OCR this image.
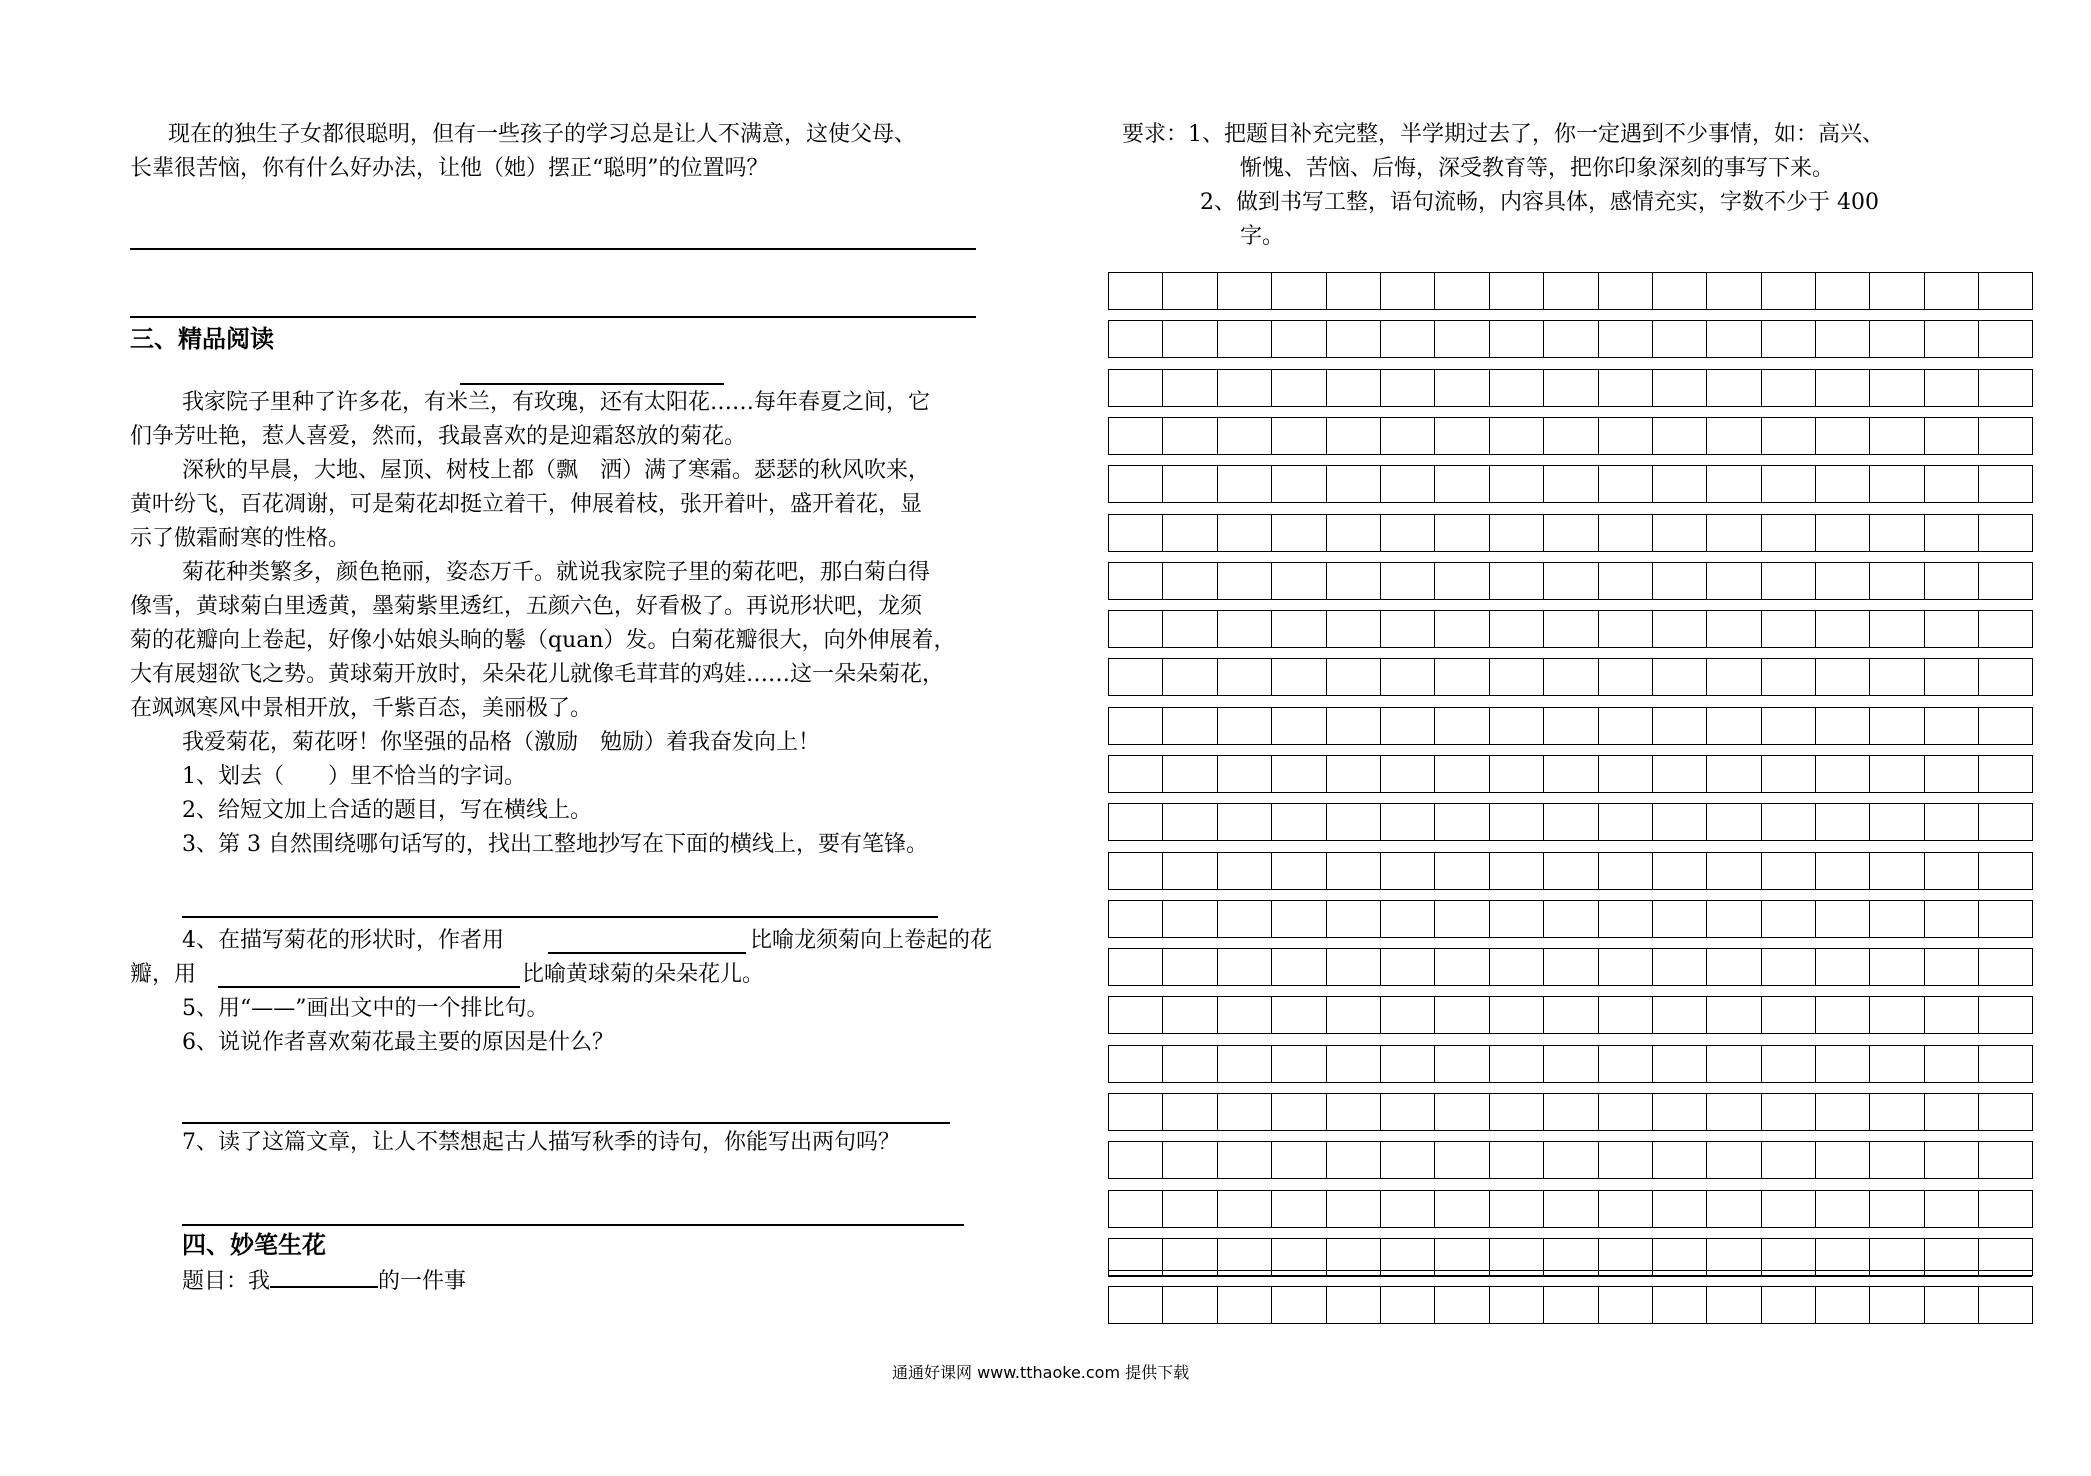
现在的独生子女都很聪明，但有一些孩子的学习总是让人不满意，这使父母、

长辈很苦恼，你有什么好办法，让他（她）摆正“聪明”的位置吗？

三、精品阅读

我家院子里种了许多花，有米兰，有玫瑰，还有太阳花……每年春夏之间，它

们争芳吐艳，惹人喜爱，然而，我最喜欢的是迎霜怒放的菊花。

深秋的早晨，大地、屋顶、树枝上都（飘　洒）满了寒霜。瑟瑟的秋风吹来，

黄叶纷飞，百花凋谢，可是菊花却挺立着干，伸展着枝，张开着叶，盛开着花，显

示了傲霜耐寒的性格。

菊花种类繁多，颜色艳丽，姿态万千。就说我家院子里的菊花吧，那白菊白得

像雪，黄球菊白里透黄，墨菊紫里透红，五颜六色，好看极了。再说形状吧，龙须

菊的花瓣向上卷起，好像小姑娘头晌的鬈（quan）发。白菊花瓣很大，向外伸展着，

大有展翅欲飞之势。黄球菊开放时，朵朵花儿就像毛茸茸的鸡娃……这一朵朵菊花，

在飒飒寒风中景相开放，千紫百态，美丽极了。

我爱菊花，菊花呀！你坚强的品格（激励　勉励）着我奋发向上！

1、划去（　　）里不恰当的字词。

2、给短文加上合适的题目，写在横线上。

3、第 3 自然围绕哪句话写的，找出工整地抄写在下面的横线上，要有笔锋。

4、在描写菊花的形状时，作者用	比喻龙须菊向上卷起的花

瓣，用	比喻黄球菊的朵朵花儿。

5、用“——”画出文中的一个排比句。

6、说说作者喜欢菊花最主要的原因是什么？

7、读了这篇文章，让人不禁想起古人描写秋季的诗句，你能写出两句吗？

四、妙笔生花

题目：我	的一件事

要求：1、把题目补充完整，半学期过去了，你一定遇到不少事情，如：高兴、

惭愧、苦恼、后悔，深受教育等，把你印象深刻的事写下来。

2、做到书写工整，语句流畅，内容具体，感情充实，字数不少于 400

字。

通通好课网 www.tthaoke.com 提供下载
